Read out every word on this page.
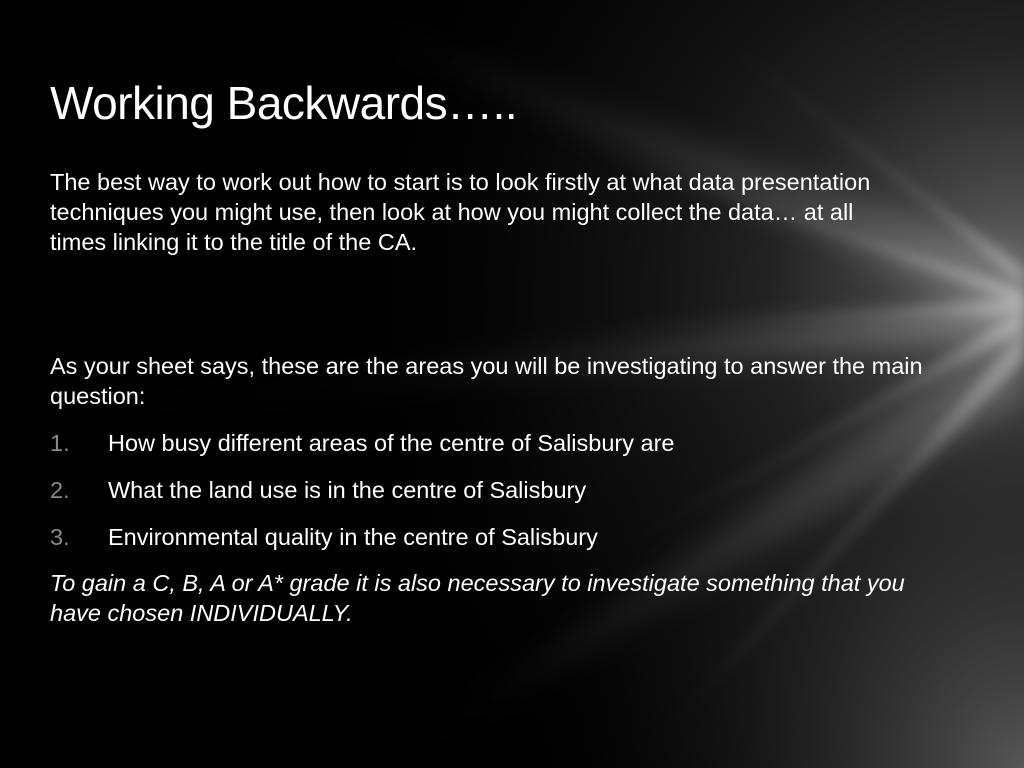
Working Backwards…..

The best way to work out how to start is to look firstly at what data presentation techniques you might use, then look at how you might collect the data… at all times linking it to the title of the CA.

As your sheet says, these are the areas you will be investigating to answer the main question:

1. How busy different areas of the centre of Salisbury are
2. What the land use is in the centre of Salisbury
3. Environmental quality in the centre of Salisbury

To gain a C, B, A or A* grade it is also necessary to investigate something that you have chosen INDIVIDUALLY.
